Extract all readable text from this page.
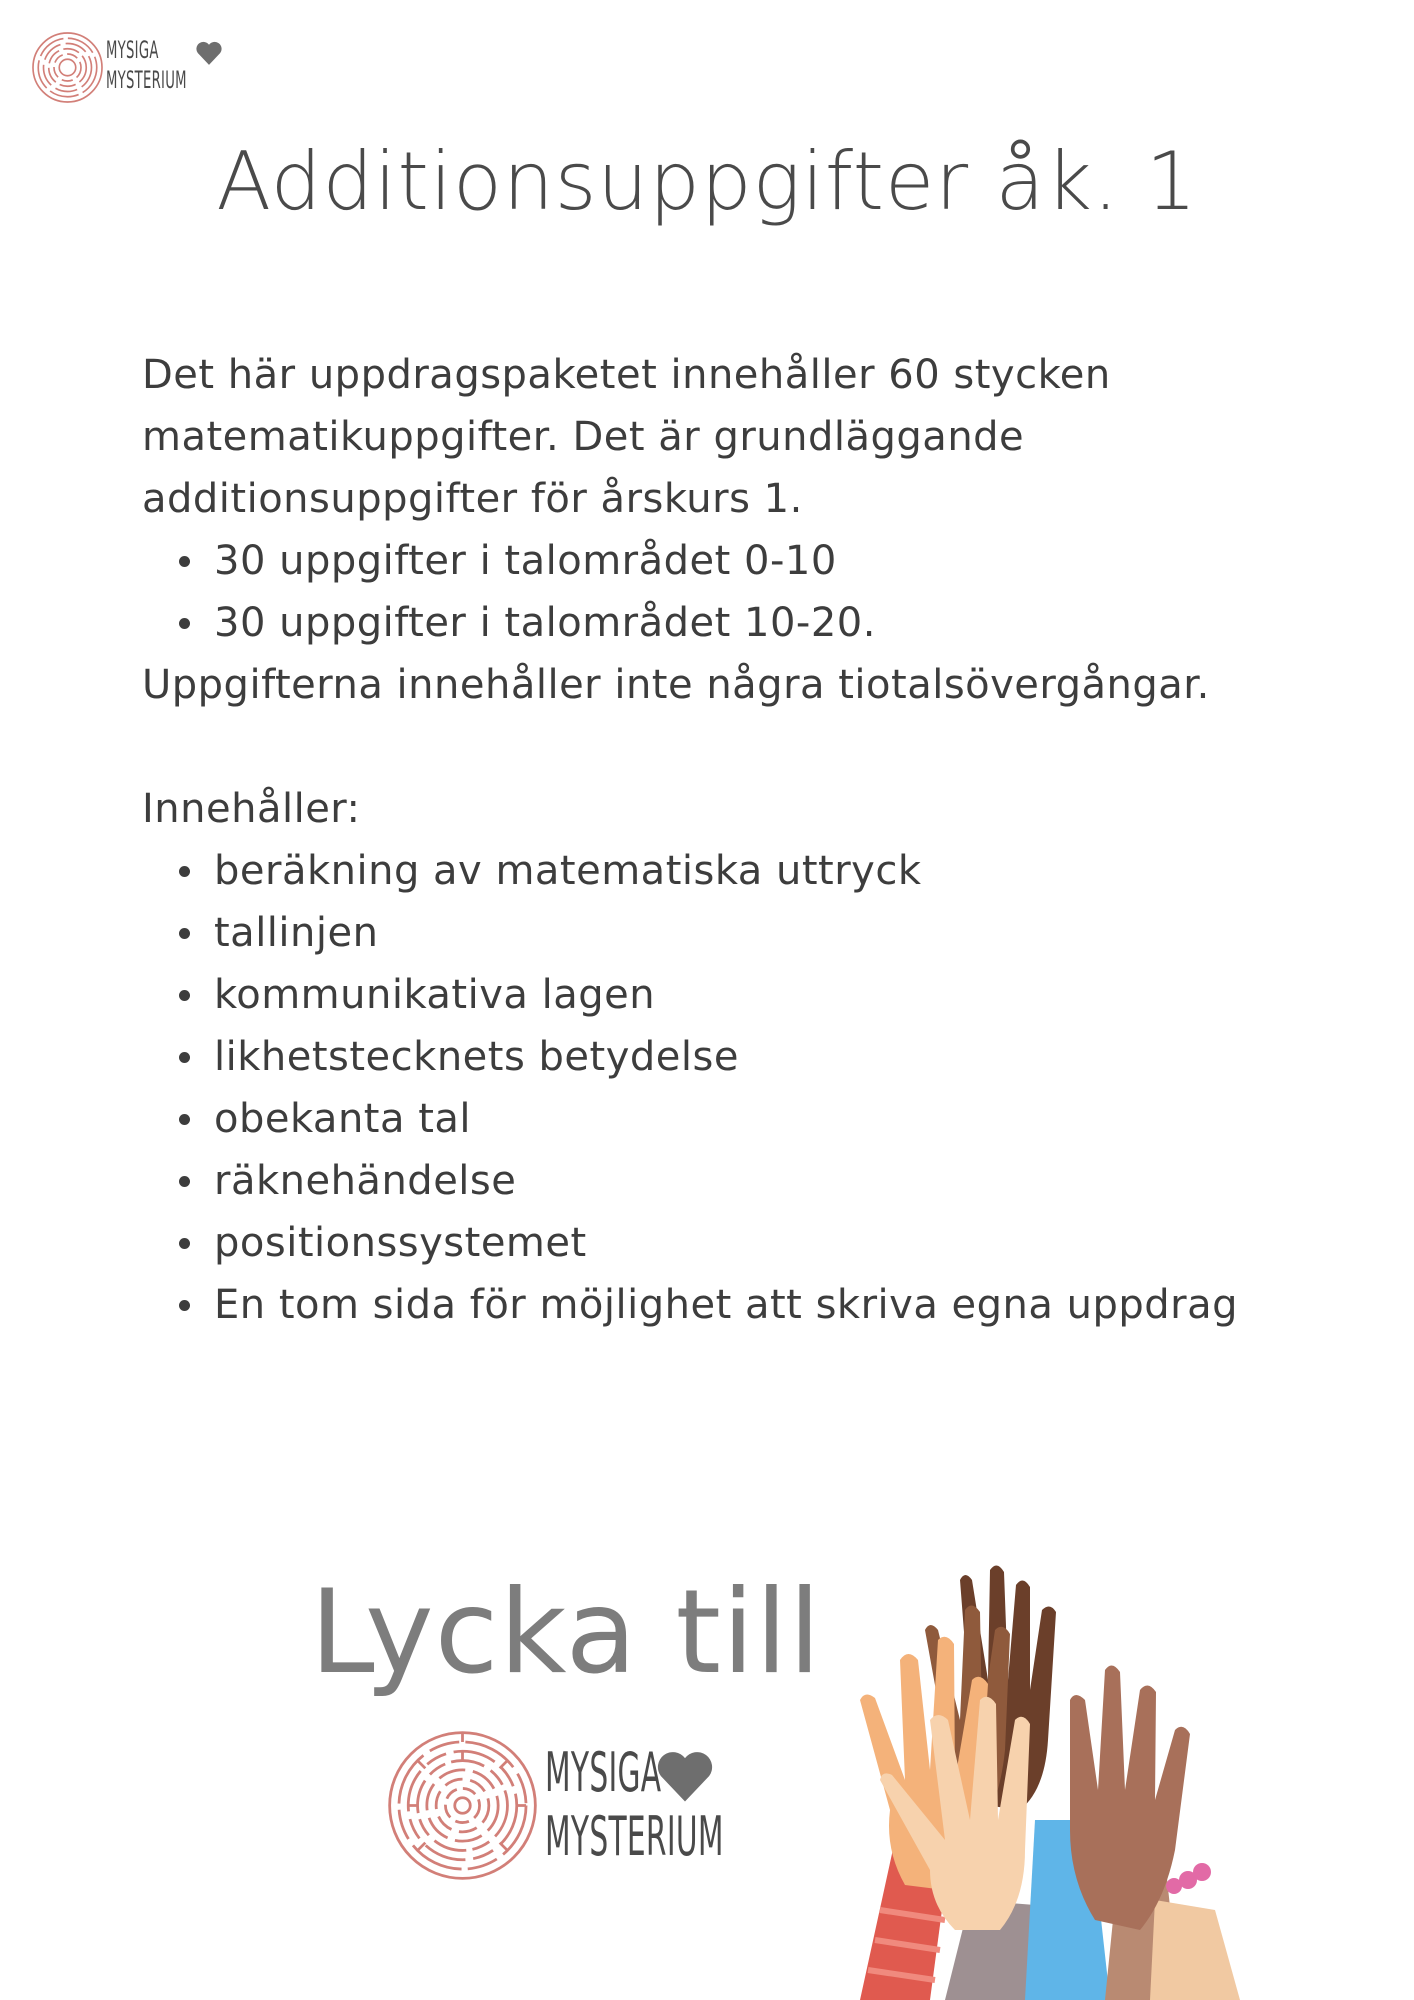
MYSIGA
MYSTERIUM
Additionsuppgifter åk. 1

Det här uppdragspaketet innehåller 60 stycken matematikuppgifter. Det är grundläggande additionsuppgifter för årskurs 1.

30 uppgifter i talområdet 0-10
30 uppgifter i talområdet 10-20.

Uppgifterna innehåller inte några tiotalsövergångar.

Innehåller:

beräkning av matematiska uttryck
tallinjen
kommunikativa lagen
likhetstecknets betydelse
obekanta tal
räknehändelse
positionssystemet
En tom sida för möjlighet att skriva egna uppdrag
Lycka till
MYSIGA
MYSTERIUM
